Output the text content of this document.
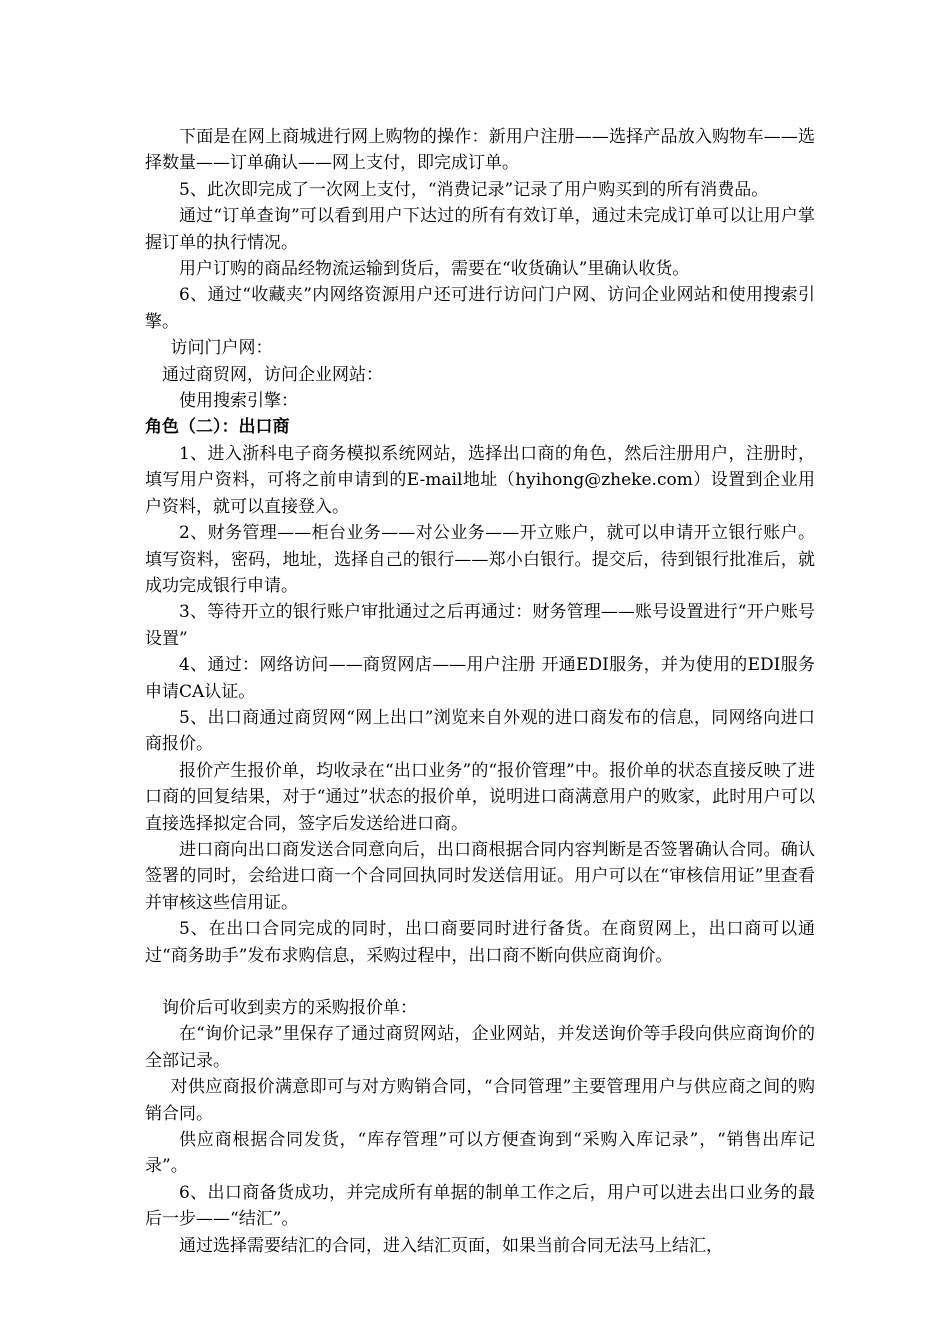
下面是在网上商城进行网上购物的操作：新用户注册——选择产品放入购物车——选择数量——订单确认——网上支付，即完成订单。

5、此次即完成了一次网上支付，“消费记录”记录了用户购买到的所有消费品。

通过“订单查询”可以看到用户下达过的所有有效订单，通过未完成订单可以让用户掌握订单的执行情况。

用户订购的商品经物流运输到货后，需要在“收货确认”里确认收货。

6、通过“收藏夹”内网络资源用户还可进行访问门户网、访问企业网站和使用搜索引擎。

访问门户网：

通过商贸网，访问企业网站：

使用搜索引擎：

角色（二）：出口商

1、进入浙科电子商务模拟系统网站，选择出口商的角色，然后注册用户，注册时，填写用户资料，可将之前申请到的E-mail地址（hyihong@zheke.com）设置到企业用户资料，就可以直接登入。

2、财务管理——柜台业务——对公业务——开立账户，就可以申请开立银行账户。填写资料，密码，地址，选择自己的银行——郑小白银行。提交后，待到银行批准后，就成功完成银行申请。

3、等待开立的银行账户审批通过之后再通过：财务管理——账号设置进行“开户账号设置”

4、通过：网络访问——商贸网店——用户注册 开通EDI服务，并为使用的EDI服务申请CA认证。

5、出口商通过商贸网“网上出口”浏览来自外观的进口商发布的信息，同网络向进口商报价。

报价产生报价单，均收录在“出口业务”的“报价管理”中。报价单的状态直接反映了进口商的回复结果，对于“通过”状态的报价单，说明进口商满意用户的败家，此时用户可以直接选择拟定合同，签字后发送给进口商。

进口商向出口商发送合同意向后，出口商根据合同内容判断是否签署确认合同。确认签署的同时，会给进口商一个合同回执同时发送信用证。用户可以在“审核信用证”里查看并审核这些信用证。

5、在出口合同完成的同时，出口商要同时进行备货。在商贸网上，出口商可以通过“商务助手”发布求购信息，采购过程中，出口商不断向供应商询价。

询价后可收到卖方的采购报价单：

在“询价记录”里保存了通过商贸网站，企业网站，并发送询价等手段向供应商询价的全部记录。

对供应商报价满意即可与对方购销合同，“合同管理”主要管理用户与供应商之间的购销合同。

供应商根据合同发货，“库存管理”可以方便查询到“采购入库记录”，“销售出库记录”。

6、出口商备货成功，并完成所有单据的制单工作之后，用户可以进去出口业务的最后一步——“结汇”。

通过选择需要结汇的合同，进入结汇页面，如果当前合同无法马上结汇，
